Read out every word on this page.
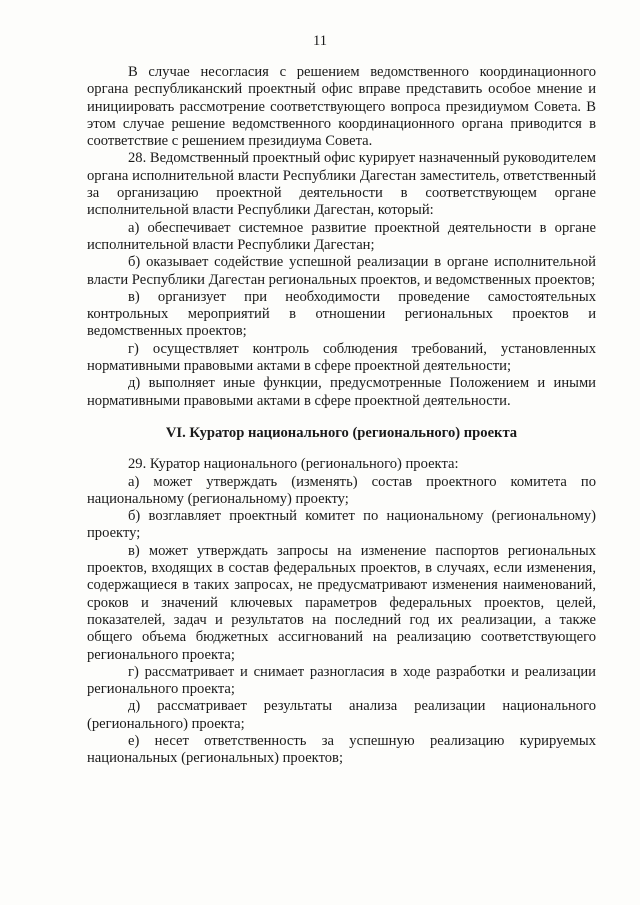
11

В случае несогласия с решением ведомственного координационного органа республиканский проектный офис вправе представить особое мнение и инициировать рассмотрение соответствующего вопроса президиумом Совета. В этом случае решение ведомственного координационного органа приводится в соответствие с решением президиума Совета.

28. Ведомственный проектный офис курирует назначенный руководителем органа исполнительной власти Республики Дагестан заместитель, ответственный за организацию проектной деятельности в соответствующем органе исполнительной власти Республики Дагестан, который:

а) обеспечивает системное развитие проектной деятельности в органе исполнительной власти Республики Дагестан;

б) оказывает содействие успешной реализации в органе исполнительной власти Республики Дагестан региональных проектов, и ведомственных проектов;

в) организует при необходимости проведение самостоятельных контрольных мероприятий в отношении региональных проектов и ведомственных проектов;

г) осуществляет контроль соблюдения требований, установленных нормативными правовыми актами в сфере проектной деятельности;

д) выполняет иные функции, предусмотренные Положением и иными нормативными правовыми актами в сфере проектной деятельности.

VI. Куратор национального (регионального) проекта

29. Куратор национального (регионального) проекта:

а) может утверждать (изменять) состав проектного комитета по национальному (региональному) проекту;

б) возглавляет проектный комитет по национальному (региональному) проекту;

в) может утверждать запросы на изменение паспортов региональных проектов, входящих в состав федеральных проектов, в случаях, если изменения, содержащиеся в таких запросах, не предусматривают изменения наименований, сроков и значений ключевых параметров федеральных проектов, целей, показателей, задач и результатов на последний год их реализации, а также общего объема бюджетных ассигнований на реализацию соответствующего регионального проекта;

г) рассматривает и снимает разногласия в ходе разработки и реализации регионального проекта;

д) рассматривает результаты анализа реализации национального (регионального) проекта;

е) несет ответственность за успешную реализацию курируемых национальных (региональных) проектов;
